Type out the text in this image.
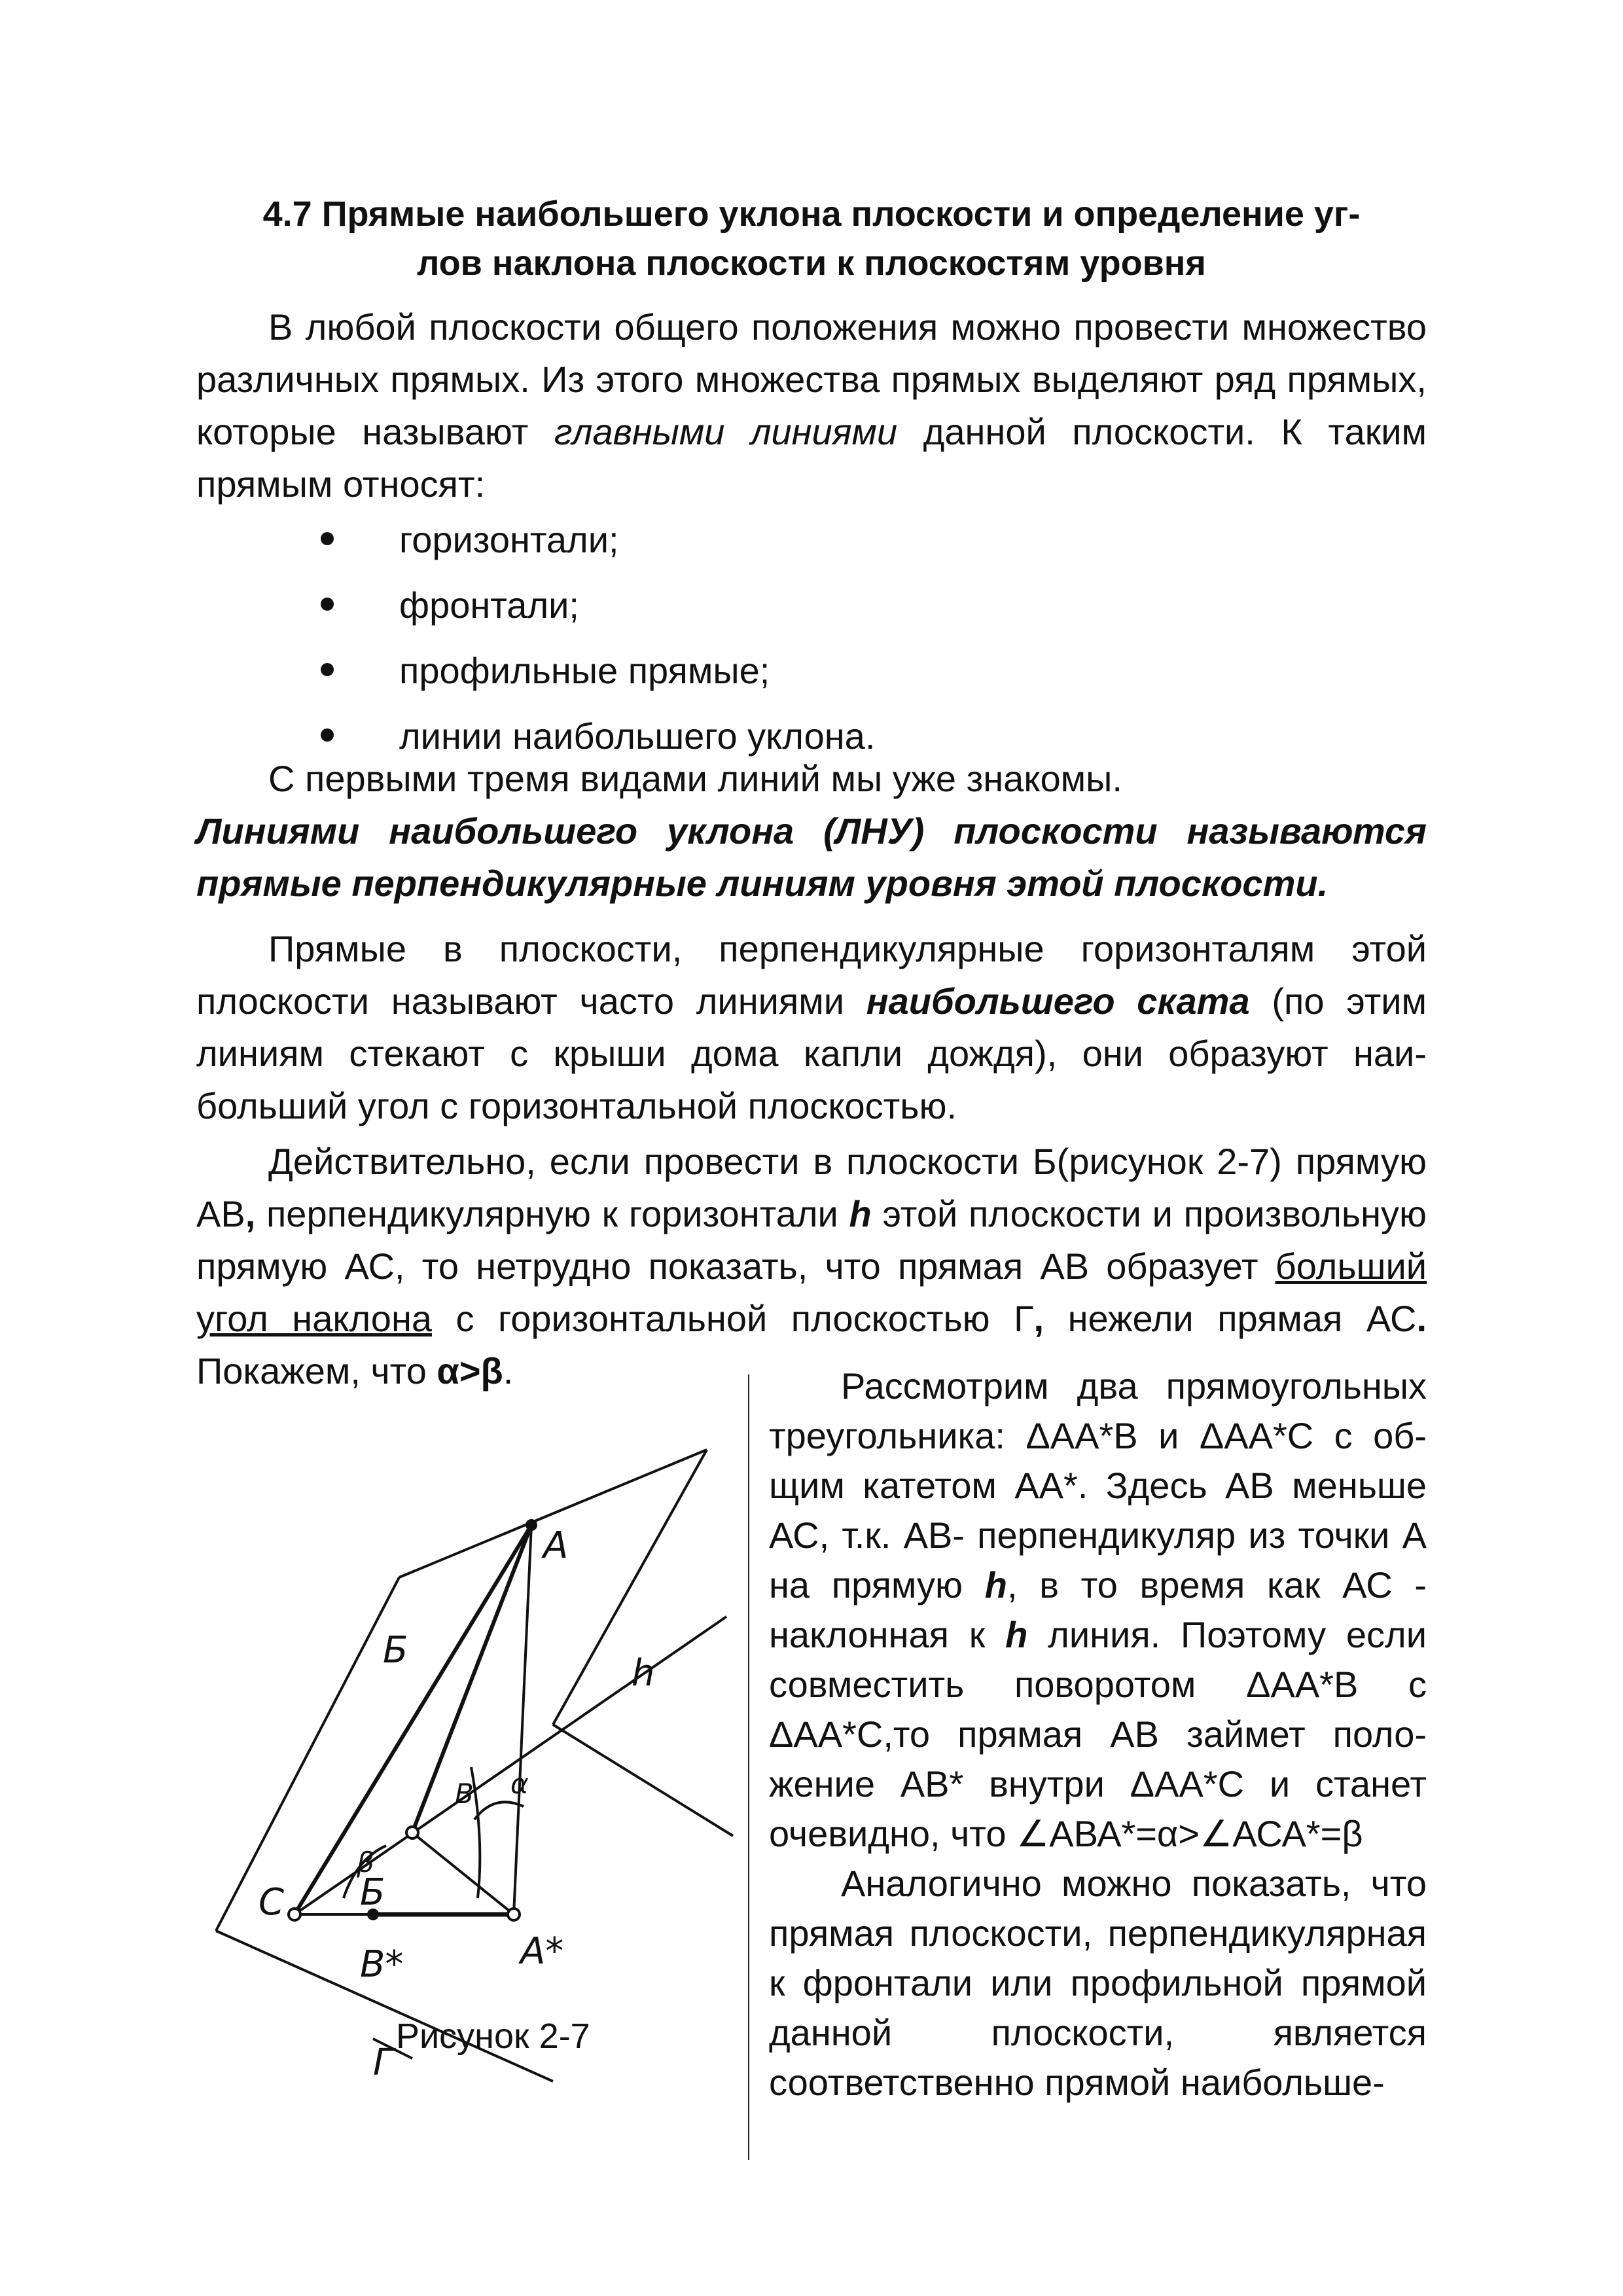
4.7 Прямые наибольшего уклона плоскости и определение уг-
лов наклона плоскости к плоскостям уровня
В любой плоскости общего положения можно провести множество различных прямых. Из этого множества прямых выделяют ряд прямых, которые называют главными линиями данной плоскости. К таким прямым относят:
горизонтали;
фронтали;
профильные прямые;
линии наибольшего уклона.
С первыми тремя видами линий мы уже знакомы.
Линиями наибольшего уклона (ЛНУ) плоскости называются прямые перпендикулярные линиям уровня этой плоскости.
Прямые в плоскости, перпендикулярные горизонталям этой плоскости называют часто линиями наибольшего ската (по этим линиям стекают с крыши дома капли дождя), они образуют наибольший угол с горизонтальной плоскостью.
Действительно, если провести в плоскости Б(рисунок 2-7) прямую АВ, перпендикулярную к горизонтали h этой плоскости и произвольную прямую АС, то нетрудно показать, что прямая АВ образует больший угол наклона с горизонтальной плоскостью Г, нежели прямая АС. Покажем, что α>β.	Рассмотрим два прямоугольных треугольника: ΔАА*В и ΔАА*С с общим катетом АА*. Здесь АВ меньше АС, т.к. АВ- перпендикуляр из точки А на прямую h, в то время как АС - наклонная к h линия. Поэтому если совместить поворотом ΔАА*В с ΔАА*С,то прямая АВ займет положение АВ* внутри ΔАА*С и станет очевидно, что ∠АВА*=α>∠АСА*=β
Аналогично можно показать, что прямая плоскости, перпендикулярная к фронтали или профильной прямой данной плоскости, является соответственно прямой наибольше-
Б
А
h
С Б
В*	А*
α
β
В
Г
Рисунок 2-7
